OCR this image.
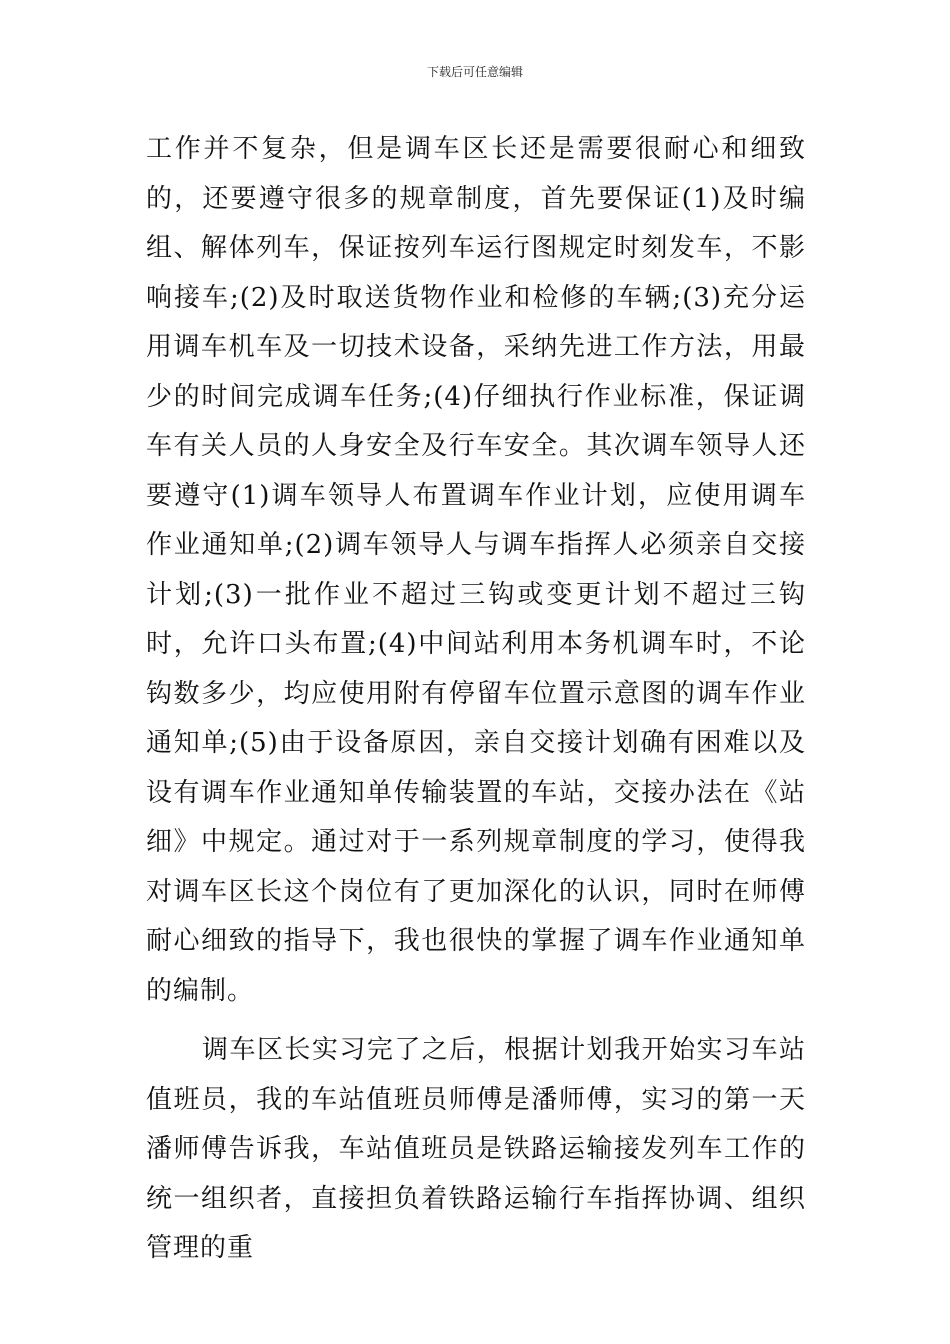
下载后可任意编辑

工作并不复杂，但是调车区长还是需要很耐心和细致的，还要遵守很多的规章制度，首先要保证(1)及时编组、解体列车，保证按列车运行图规定时刻发车，不影响接车;(2)及时取送货物作业和检修的车辆;(3)充分运用调车机车及一切技术设备，采纳先进工作方法，用最少的时间完成调车任务;(4)仔细执行作业标准，保证调车有关人员的人身安全及行车安全。其次调车领导人还要遵守(1)调车领导人布置调车作业计划，应使用调车作业通知单;(2)调车领导人与调车指挥人必须亲自交接计划;(3)一批作业不超过三钩或变更计划不超过三钩时，允许口头布置;(4)中间站利用本务机调车时，不论钩数多少，均应使用附有停留车位置示意图的调车作业通知单;(5)由于设备原因，亲自交接计划确有困难以及设有调车作业通知单传输装置的车站，交接办法在《站细》中规定。通过对于一系列规章制度的学习，使得我对调车区长这个岗位有了更加深化的认识，同时在师傅耐心细致的指导下，我也很快的掌握了调车作业通知单的编制。

调车区长实习完了之后，根据计划我开始实习车站值班员，我的车站值班员师傅是潘师傅，实习的第一天潘师傅告诉我，车站值班员是铁路运输接发列车工作的统一组织者，直接担负着铁路运输行车指挥协调、组织管理的重
